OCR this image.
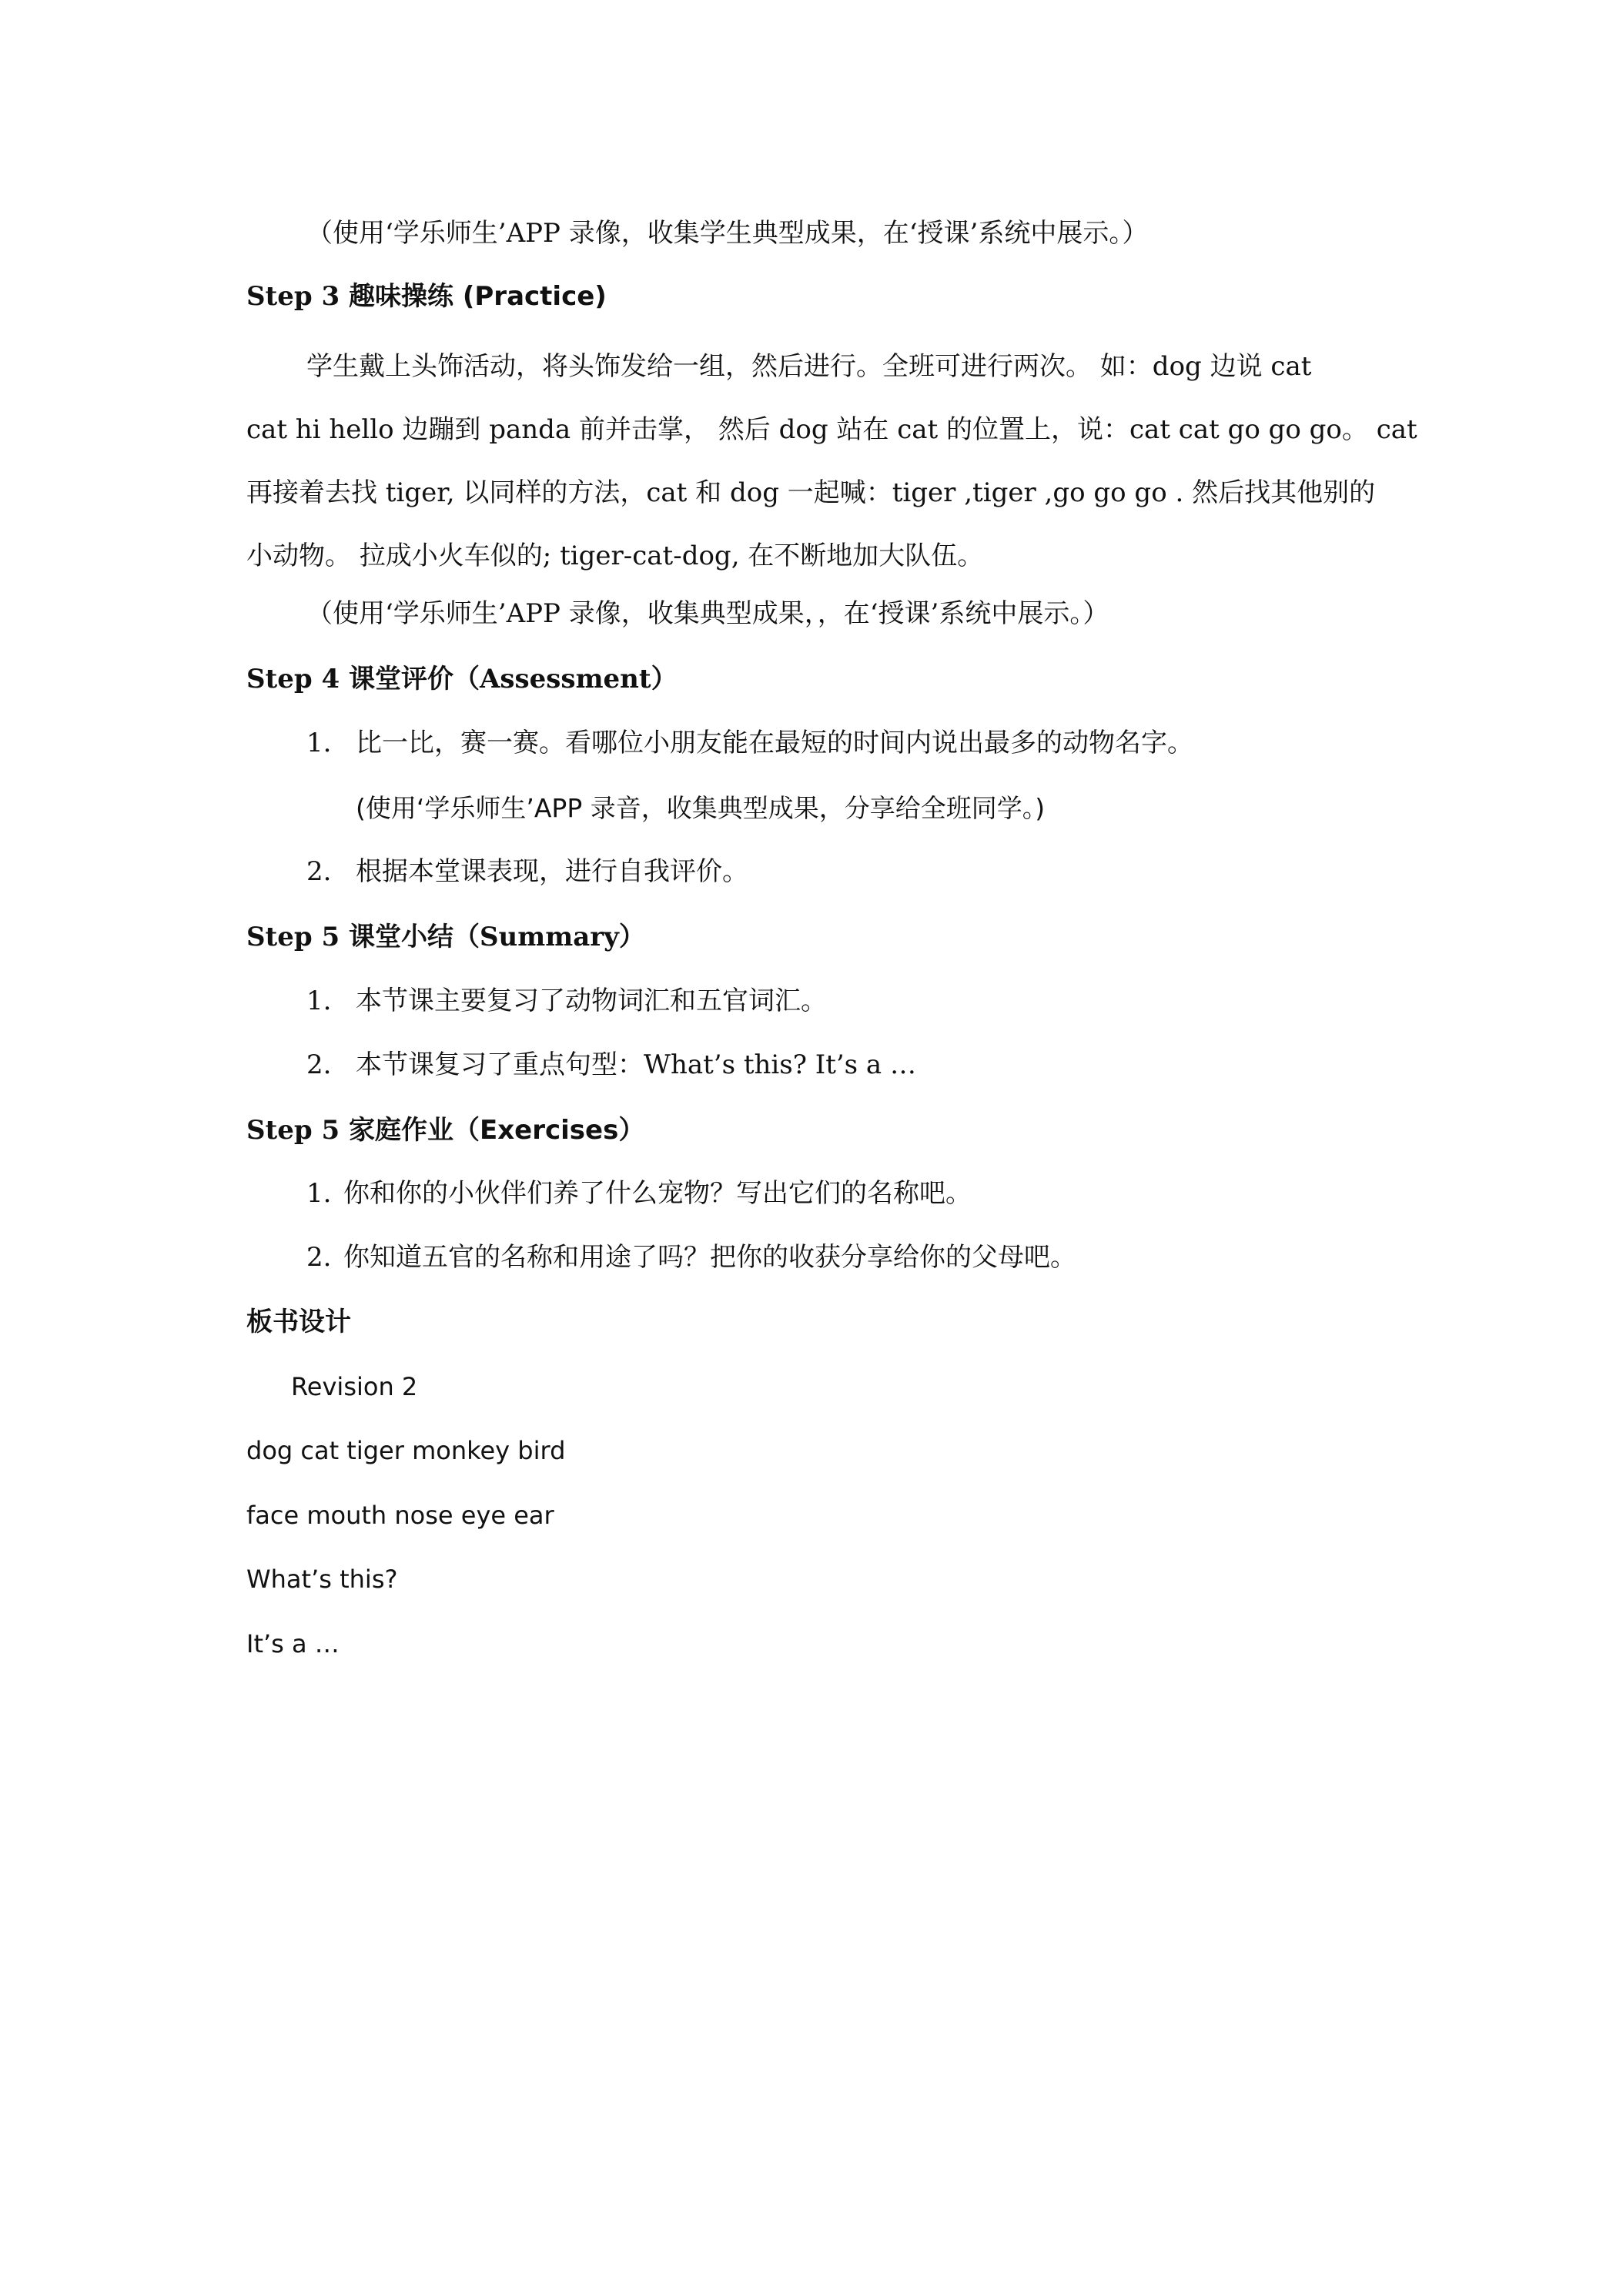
（使用‘学乐师生’APP 录像，收集学生典型成果，在‘授课’系统中展示。）
Step 3 趣味操练 (Practice)
学生戴上头饰活动，将头饰发给一组，然后进行。全班可进行两次。 如：dog 边说 cat
cat hi hello 边蹦到 panda 前并击掌， 然后 dog 站在 cat 的位置上，说：cat cat go go go。 cat
再接着去找 tiger, 以同样的方法，cat 和 dog 一起喊：tiger ,tiger ,go go go . 然后找其他别的
小动物。 拉成小火车似的; tiger-cat-dog, 在不断地加大队伍。
（使用‘学乐师生’APP 录像，收集典型成果，，在‘授课’系统中展示。）
Step 4 课堂评价（Assessment）
1. 比一比，赛一赛。看哪位小朋友能在最短的时间内说出最多的动物名字。
(使用‘学乐师生’APP 录音，收集典型成果，分享给全班同学。)
2. 根据本堂课表现，进行自我评价。
Step 5 课堂小结（Summary）
1. 本节课主要复习了动物词汇和五官词汇。
2. 本节课复习了重点句型：What’s this? It’s a …
Step 5 家庭作业（Exercises）
1. 你和你的小伙伴们养了什么宠物？写出它们的名称吧。
2. 你知道五官的名称和用途了吗？把你的收获分享给你的父母吧。
板书设计
Revision 2
dog cat tiger monkey bird
face mouth nose eye ear
What’s this?
It’s a …
